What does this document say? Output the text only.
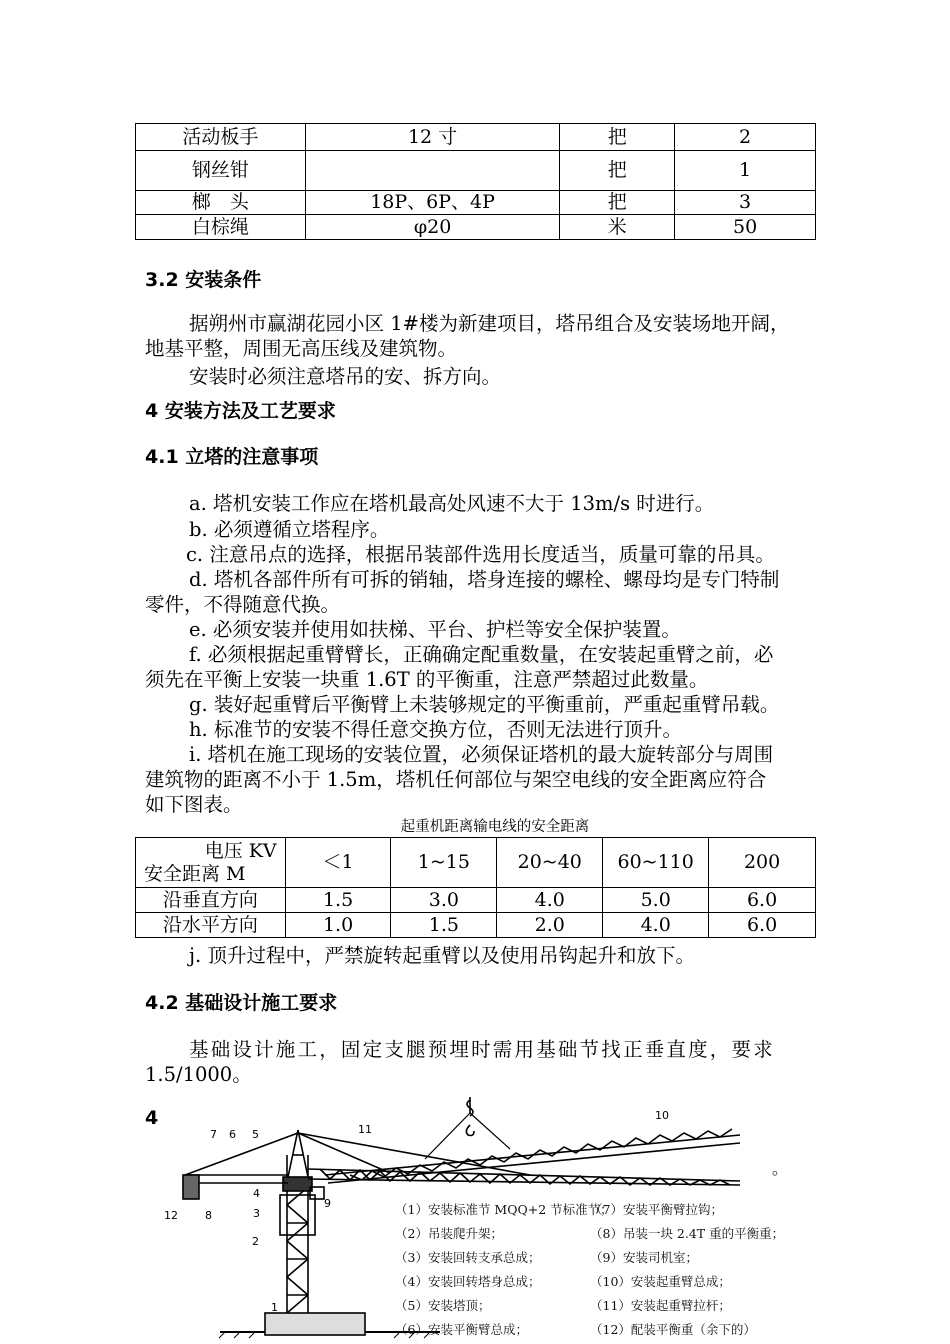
活动板手	12 寸	把	2
钢丝钳		把	1
榔　头	18P、6P、4P	把	3
白棕绳	φ20	米	50
3.2 安装条件
据朔州市赢湖花园小区 1#楼为新建项目，塔吊组合及安装场地开阔，
地基平整，周围无高压线及建筑物。
安装时必须注意塔吊的安、拆方向。
4 安装方法及工艺要求
4.1 立塔的注意事项
a. 塔机安装工作应在塔机最高处风速不大于 13m/s 时进行。
b. 必须遵循立塔程序。
c. 注意吊点的选择，根据吊装部件选用长度适当，质量可靠的吊具。
d. 塔机各部件所有可拆的销轴，塔身连接的螺栓、螺母均是专门特制
零件，不得随意代换。
e. 必须安装并使用如扶梯、平台、护栏等安全保护装置。
f. 必须根据起重臂臂长，正确确定配重数量，在安装起重臂之前，必
须先在平衡上安装一块重 1.6T 的平衡重，注意严禁超过此数量。
g. 装好起重臂后平衡臂上未装够规定的平衡重前，严重起重臂吊载。
h. 标准节的安装不得任意交换方位，否则无法进行顶升。
i. 塔机在施工现场的安装位置，必须保证塔机的最大旋转部分与周围
建筑物的距离不小于 1.5m，塔机任何部位与架空电线的安全距离应符合
如下图表。
起重机距离输电线的安全距离
电压 KV
安全距离 M	＜1	1~15	20~40	60~110	200
沿垂直方向	1.5	3.0	4.0	5.0	6.0
沿水平方向	1.0	1.5	2.0	4.0	6.0
j. 顶升过程中，严禁旋转起重臂以及使用吊钩起升和放下。
4.2 基础设计施工要求
基础设计施工，固定支腿预埋时需用基础节找正垂直度，要求
1.5/1000。
4
。
1
2
3
4
5
6
7
8
9
10
11
12	（1）安装标准节 MQQ+2 节标准节；
（2）吊装爬升架；
（3）安装回转支承总成；
（4）安装回转塔身总成；
（5）安装塔顶；
（6）安装平衡臂总成；
（7）安装平衡臂拉钩；
（8）吊装一块 2.4T 重的平衡重；
（9）安装司机室；
（10）安装起重臂总成；
（11）安装起重臂拉杆；
（12）配装平衡重（余下的）
